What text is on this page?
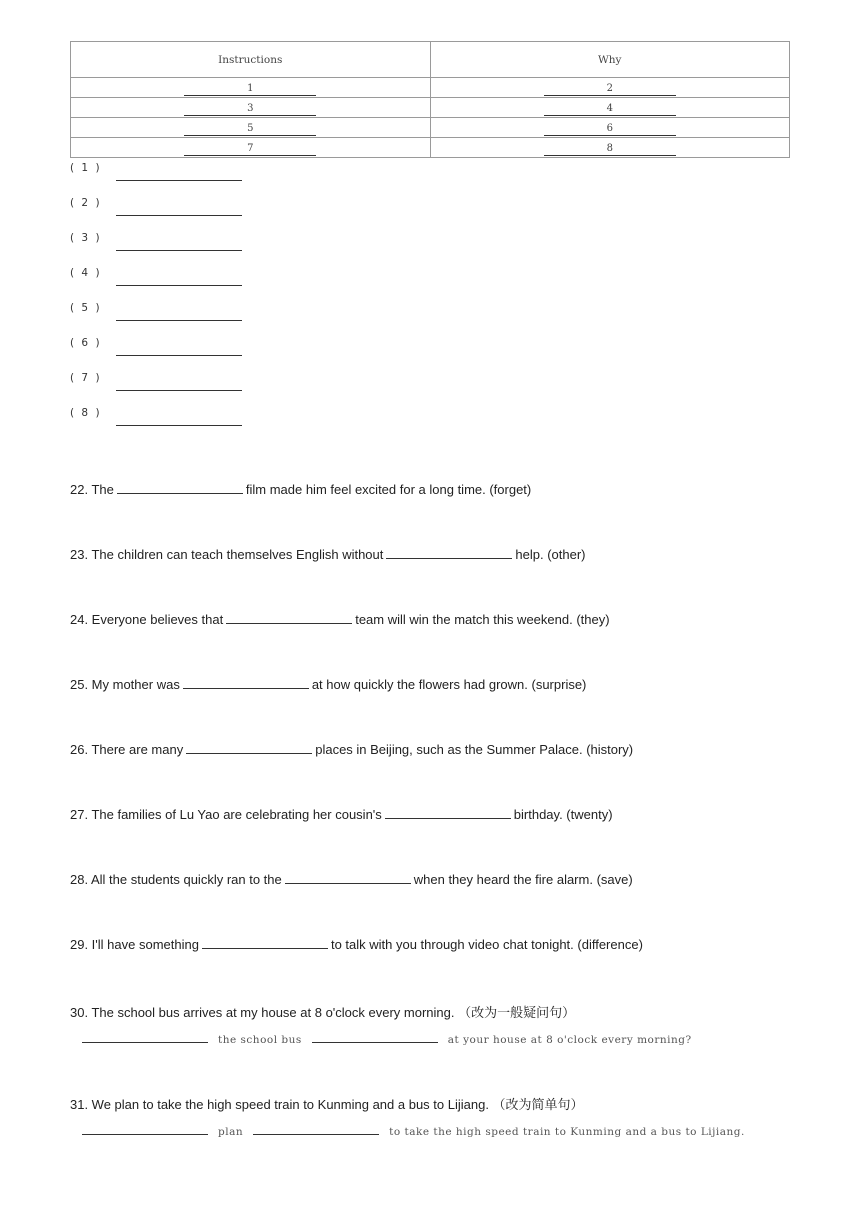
Instructions	Why
1	2
3	4
5	6
7	8
( 1 )
( 2 )
( 3 )
( 4 )
( 5 )
( 6 )
( 7 )
( 8 )
22. The	film made him feel excited for a long time. (forget)
23. The children can teach themselves English without	help. (other)
24. Everyone believes that	team will win the match this weekend. (they)
25. My mother was	at how quickly the flowers had grown. (surprise)
26. There are many	places in Beijing, such as the Summer Palace. (history)
27. The families of Lu Yao are celebrating her cousin's	birthday. (twenty)
28. All the students quickly ran to the	when they heard the fire alarm. (save)
29. I'll have something	to talk with you through video chat tonight. (difference)
30. The school bus arrives at my house at 8 o'clock every morning. （改为一般疑问句）
the school bus	at your house at 8 o'clock every morning?
31. We plan to take the high speed train to Kunming and a bus to Lijiang. （改为简单句）
plan	to take the high speed train to Kunming and a bus to Lijiang.
